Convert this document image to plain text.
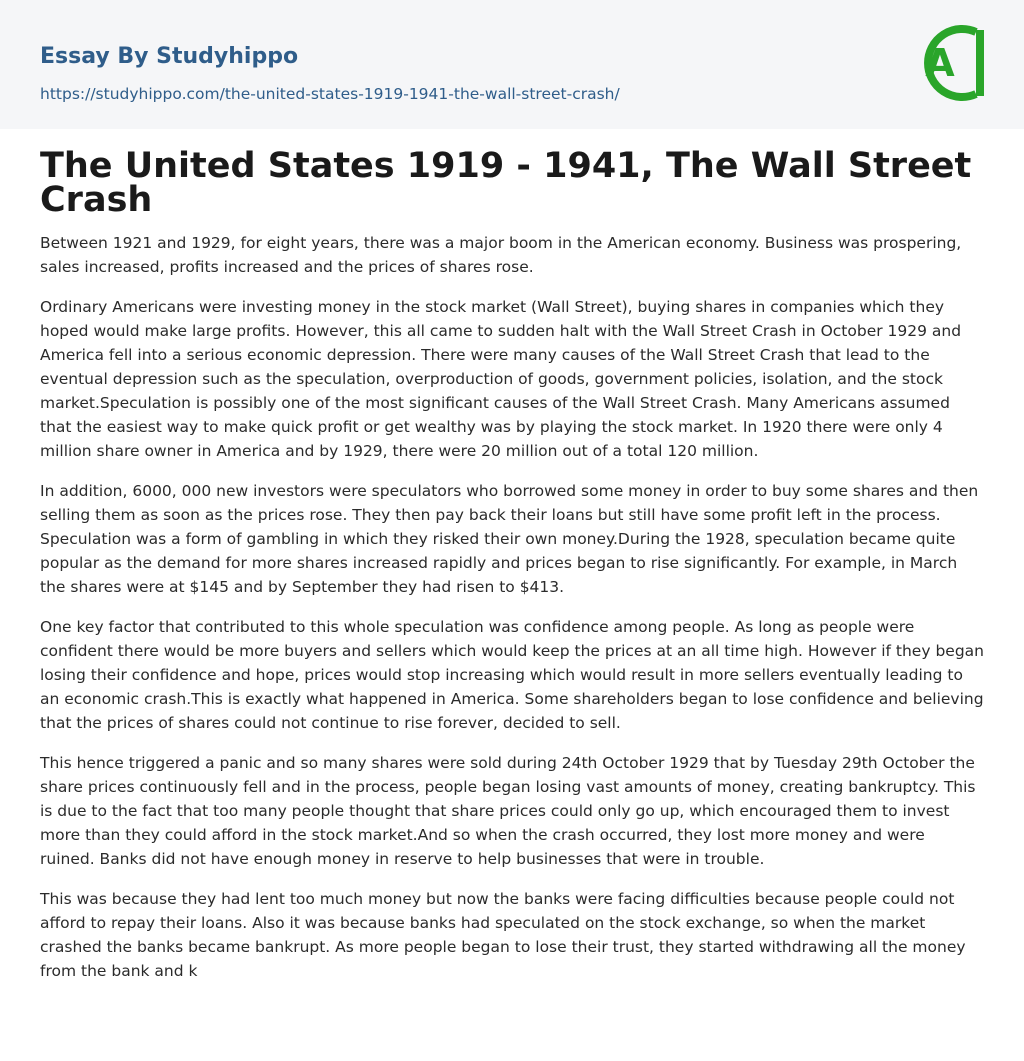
Essay By Studyhippo
https://studyhippo.com/the-united-states-1919-1941-the-wall-street-crash/
A
The United States 1919 - 1941, The Wall Street Crash

Between 1921 and 1929, for eight years, there was a major boom in the American economy. Business was prospering, sales increased, profits increased and the prices of shares rose.

Ordinary Americans were investing money in the stock market (Wall Street), buying shares in companies which they hoped would make large profits. However, this all came to sudden halt with the Wall Street Crash in October 1929 and America fell into a serious economic depression. There were many causes of the Wall Street Crash that lead to the eventual depression such as the speculation, overproduction of goods, government policies, isolation, and the stock market.Speculation is possibly one of the most significant causes of the Wall Street Crash. Many Americans assumed that the easiest way to make quick profit or get wealthy was by playing the stock market. In 1920 there were only 4 million share owner in America and by 1929, there were 20 million out of a total 120 million.

In addition, 6000, 000 new investors were speculators who borrowed some money in order to buy some shares and then selling them as soon as the prices rose. They then pay back their loans but still have some profit left in the process. Speculation was a form of gambling in which they risked their own money.During the 1928, speculation became quite popular as the demand for more shares increased rapidly and prices began to rise significantly. For example, in March the shares were at $145 and by September they had risen to $413.

One key factor that contributed to this whole speculation was confidence among people. As long as people were confident there would be more buyers and sellers which would keep the prices at an all time high. However if they began losing their confidence and hope, prices would stop increasing which would result in more sellers eventually leading to an economic crash.This is exactly what happened in America. Some shareholders began to lose confidence and believing that the prices of shares could not continue to rise forever, decided to sell.

This hence triggered a panic and so many shares were sold during 24th October 1929 that by Tuesday 29th October the share prices continuously fell and in the process, people began losing vast amounts of money, creating bankruptcy. This is due to the fact that too many people thought that share prices could only go up, which encouraged them to invest more than they could afford in the stock market.And so when the crash occurred, they lost more money and were ruined. Banks did not have enough money in reserve to help businesses that were in trouble.

This was because they had lent too much money but now the banks were facing difficulties because people could not afford to repay their loans. Also it was because banks had speculated on the stock exchange, so when the market crashed the banks became bankrupt. As more people began to lose their trust, they started withdrawing all the money from the bank and k
